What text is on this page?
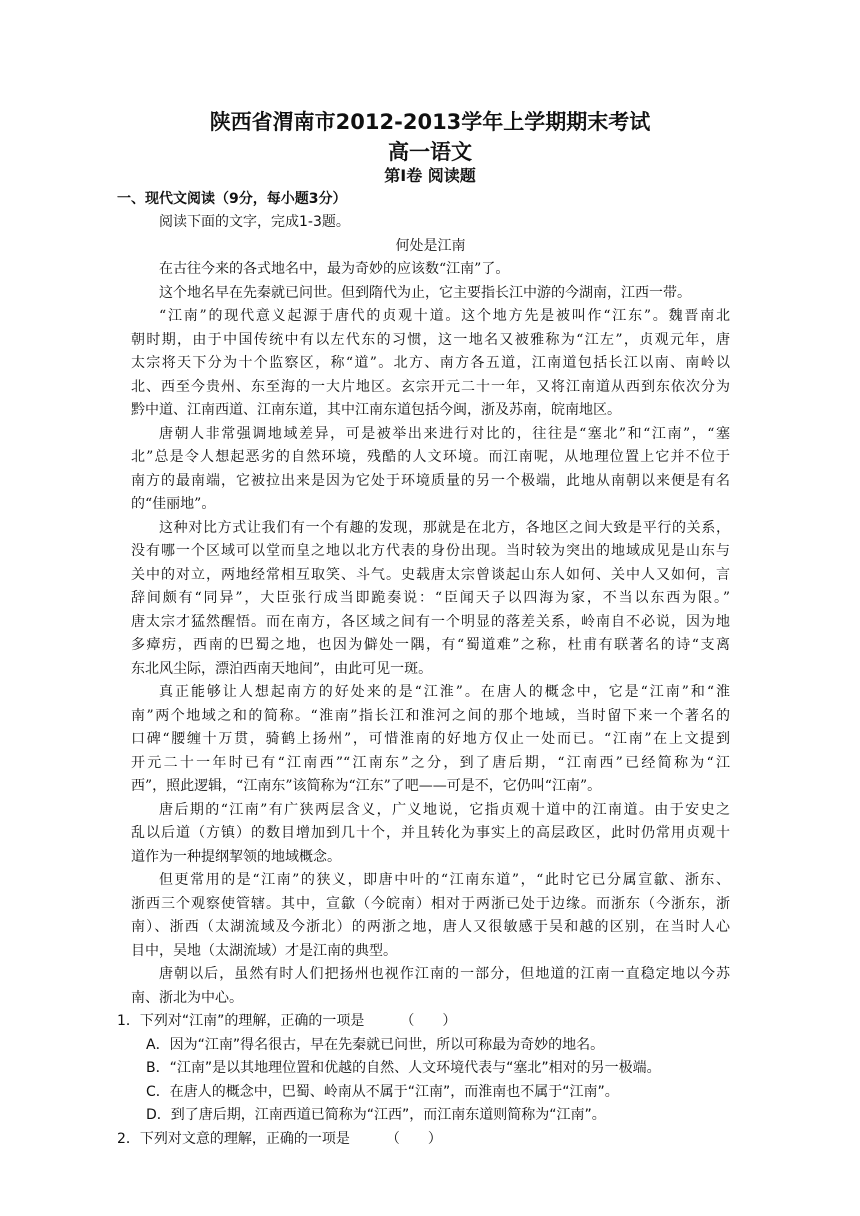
陕西省渭南市2012-2013学年上学期期末考试
高一语文
第Ⅰ卷 阅读题
一、现代文阅读（9分，每小题3分）
阅读下面的文字，完成1-3题。
何处是江南
在古往今来的各式地名中，最为奇妙的应该数“江南”了。
这个地名早在先秦就已问世。但到隋代为止，它主要指长江中游的今湖南，江西一带。
“江南”的现代意义起源于唐代的贞观十道。这个地方先是被叫作“江东”。魏晋南北
朝时期，由于中国传统中有以左代东的习惯，这一地名又被雅称为“江左”，贞观元年，唐
太宗将天下分为十个监察区，称“道”。北方、南方各五道，江南道包括长江以南、南岭以
北、西至今贵州、东至海的一大片地区。玄宗开元二十一年，又将江南道从西到东依次分为
黔中道、江南西道、江南东道，其中江南东道包括今闽，浙及苏南，皖南地区。
唐朝人非常强调地域差异，可是被举出来进行对比的，往往是“塞北”和“江南”，“塞
北”总是令人想起恶劣的自然环境，残酷的人文环境。而江南呢，从地理位置上它并不位于
南方的最南端，它被拉出来是因为它处于环境质量的另一个极端，此地从南朝以来便是有名
的“佳丽地”。
这种对比方式让我们有一个有趣的发现，那就是在北方，各地区之间大致是平行的关系，
没有哪一个区域可以堂而皇之地以北方代表的身份出现。当时较为突出的地域成见是山东与
关中的对立，两地经常相互取笑、斗气。史载唐太宗曾谈起山东人如何、关中人又如何，言
辞间颇有“同异”，大臣张行成当即跪奏说：“臣闻天子以四海为家，不当以东西为限。”
唐太宗才猛然醒悟。而在南方，各区域之间有一个明显的落差关系，岭南自不必说，因为地
多瘴疠，西南的巴蜀之地，也因为僻处一隅，有“蜀道难”之称，杜甫有联著名的诗“支离
东北风尘际，漂泊西南天地间”，由此可见一斑。
真正能够让人想起南方的好处来的是“江淮”。在唐人的概念中，它是“江南”和“淮
南”两个地域之和的简称。“淮南”指长江和淮河之间的那个地域，当时留下来一个著名的
口碑“腰缠十万贯，骑鹤上扬州”，可惜淮南的好地方仅止一处而已。“江南”在上文提到
开元二十一年时已有“江南西”“江南东”之分，到了唐后期，“江南西”已经简称为“江
西”，照此逻辑，“江南东”该简称为“江东”了吧——可是不，它仍叫“江南”。
唐后期的“江南”有广狭两层含义，广义地说，它指贞观十道中的江南道。由于安史之
乱以后道（方镇）的数目增加到几十个，并且转化为事实上的高层政区，此时仍常用贞观十
道作为一种提纲挈领的地域概念。
但更常用的是“江南”的狭义，即唐中叶的“江南东道”，“此时它已分属宣歙、浙东、
浙西三个观察使管辖。其中，宣歙（今皖南）相对于两浙已处于边缘。而浙东（今浙东，浙
南）、浙西（太湖流域及今浙北）的两浙之地，唐人又很敏感于吴和越的区别，在当时人心
目中，吴地（太湖流域）才是江南的典型。
唐朝以后，虽然有时人们把扬州也视作江南的一部分，但地道的江南一直稳定地以今苏
南、浙北为中心。
1．下列对“江南”的理解，正确的一项是	（　　）
A．因为“江南”得名很古，早在先秦就已问世，所以可称最为奇妙的地名。
B．“江南”是以其地理位置和优越的自然、人文环境代表与“塞北”相对的另一极端。
C．在唐人的概念中，巴蜀、岭南从不属于“江南”，而淮南也不属于“江南”。
D．到了唐后期，江南西道已简称为“江西”，而江南东道则简称为“江南”。
2．下列对文意的理解，正确的一项是	（　　）
